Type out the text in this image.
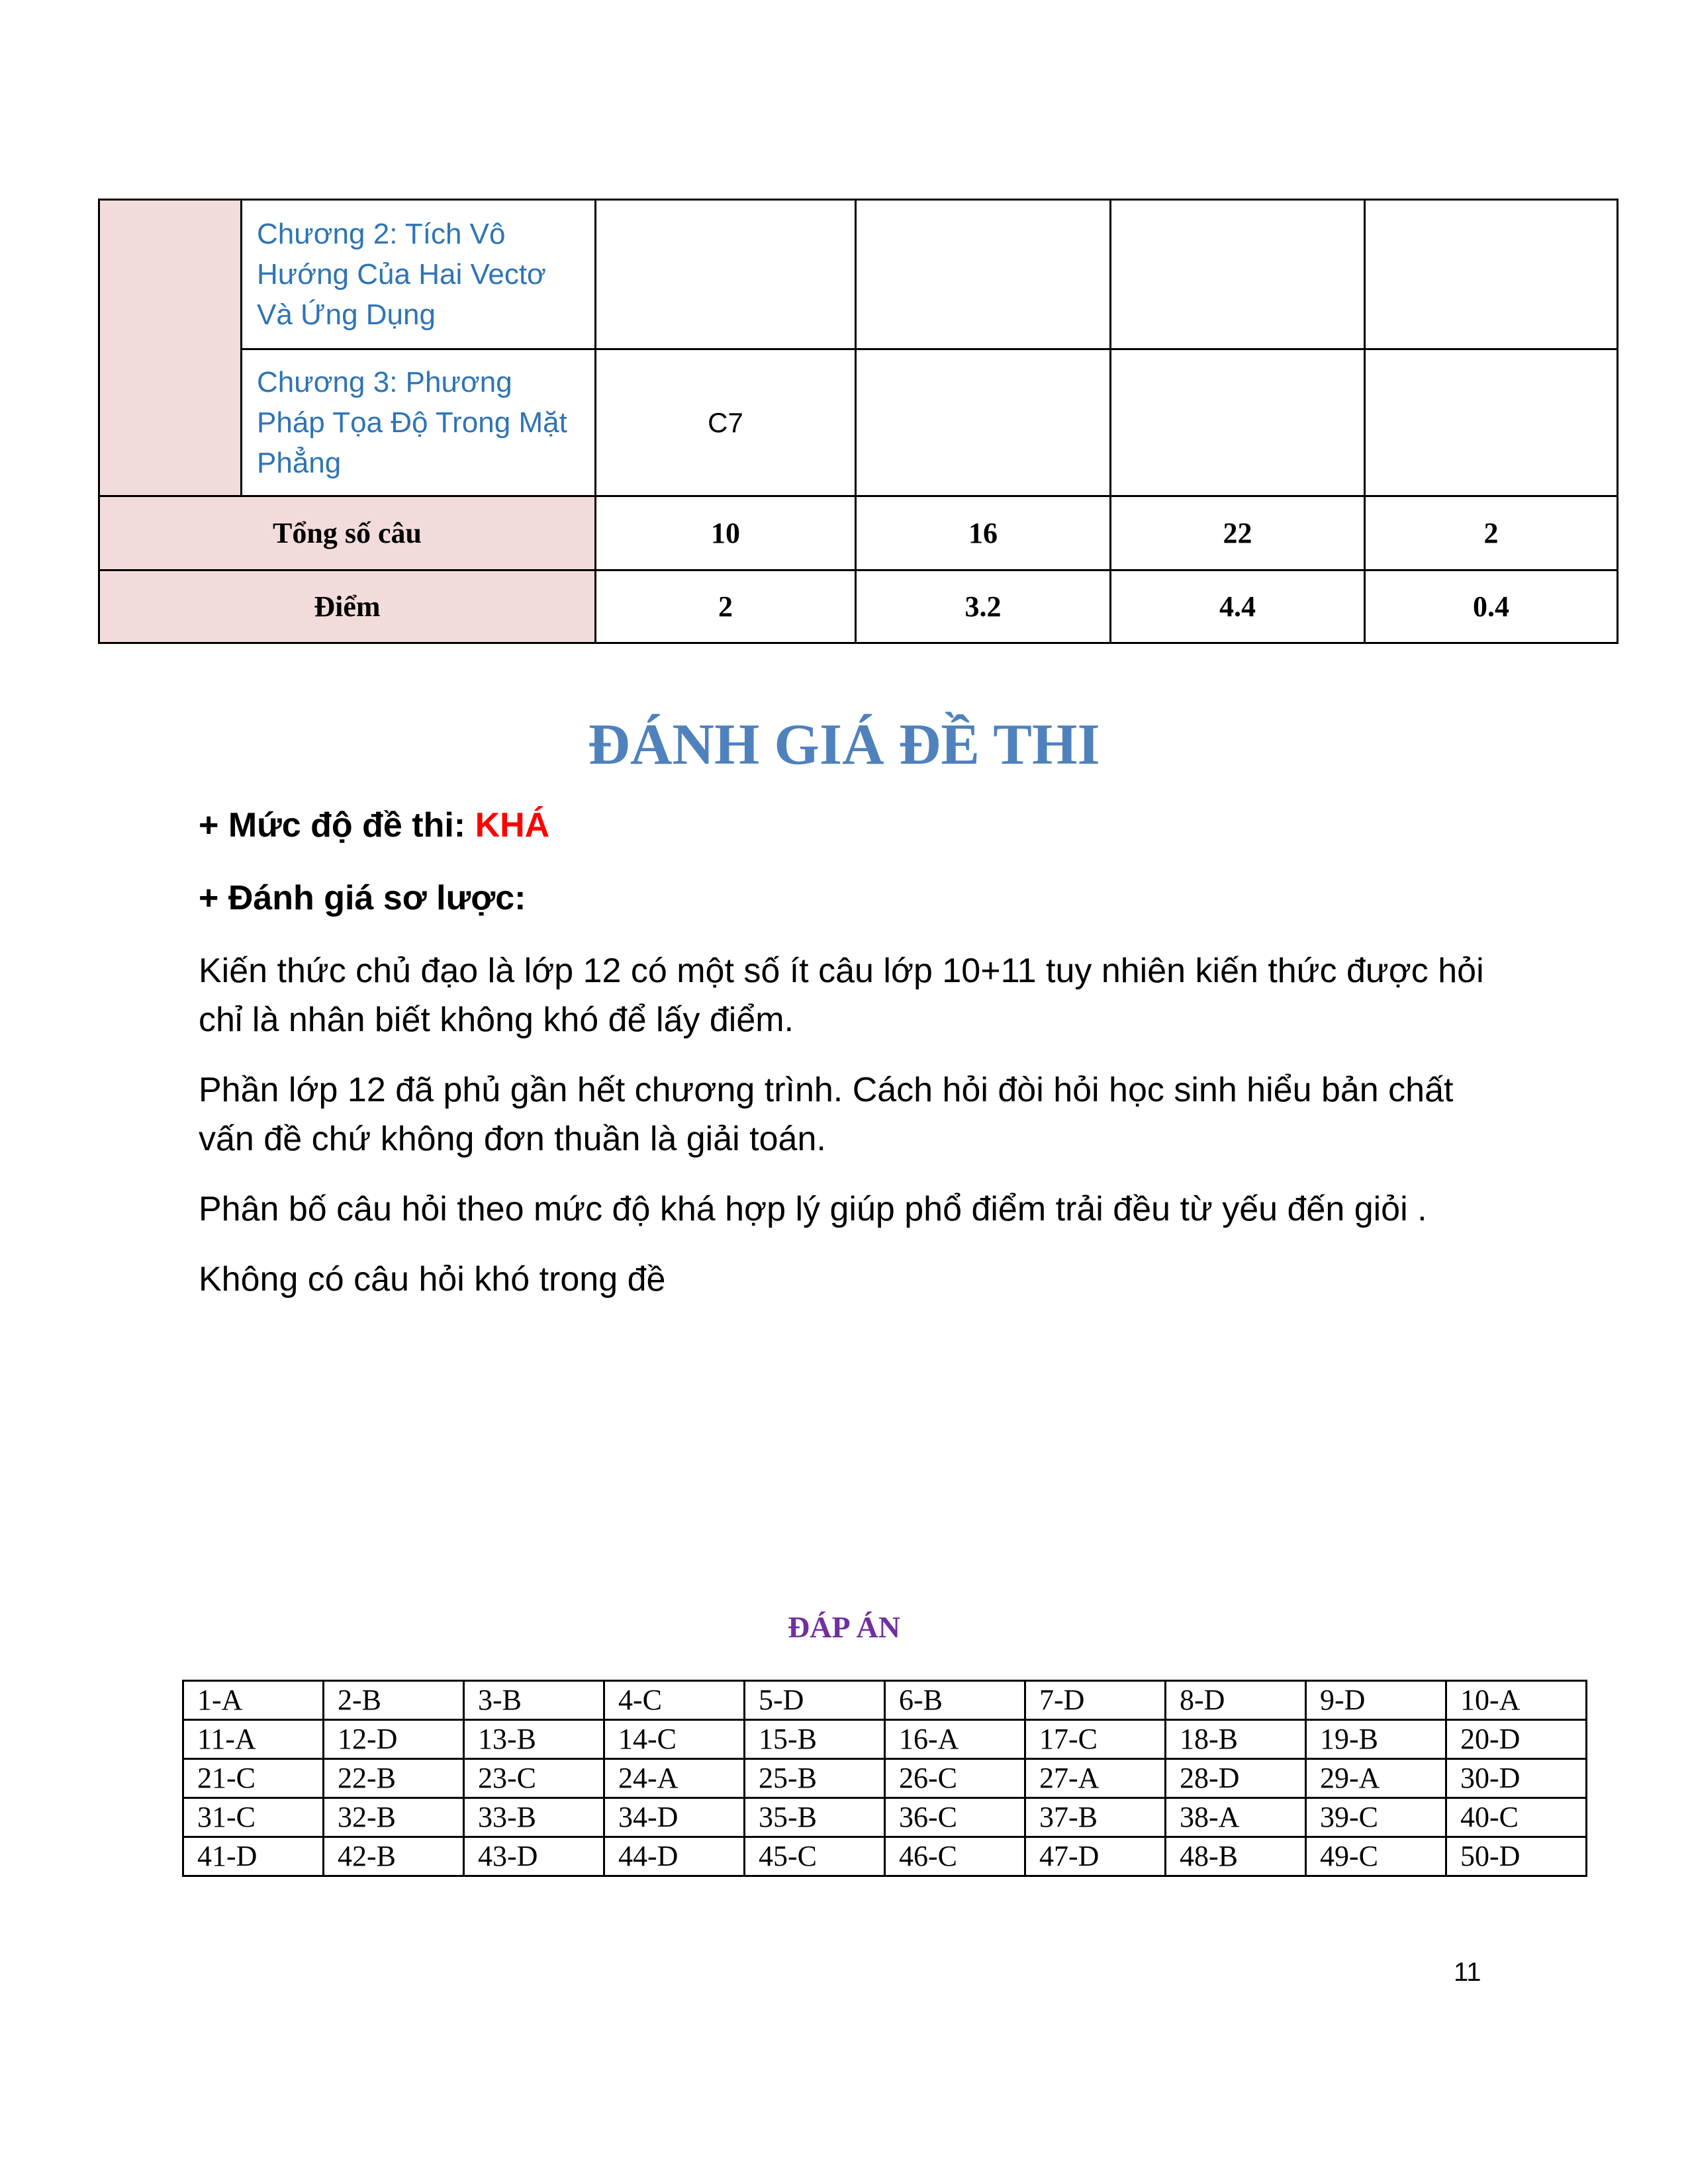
	Chương 2: Tích Vô Hướng Của Hai Vectơ Và Ứng Dụng				
	Chương 3: Phương Pháp Tọa Độ Trong Mặt Phẳng	C7			
Tổng số câu		10	16	22	2
Điểm		2	3.2	4.4	0.4
ĐÁNH GIÁ ĐỀ THI

+ Mức độ đề thi: KHÁ

+ Đánh giá sơ lược:

Kiến thức chủ đạo là lớp 12 có một số ít câu lớp 10+11 tuy nhiên kiến thức được hỏi chỉ là nhân biết không khó để lấy điểm.

Phần lớp 12 đã phủ gần hết chương trình. Cách hỏi đòi hỏi học sinh hiểu bản chất vấn đề chứ không đơn thuần là giải toán.

Phân bố câu hỏi theo mức độ khá hợp lý giúp phổ điểm trải đều từ yếu đến giỏi .

Không có câu hỏi khó trong đề

ĐÁP ÁN
1-A	2-B	3-B	4-C	5-D	6-B	7-D	8-D	9-D	10-A
11-A	12-D	13-B	14-C	15-B	16-A	17-C	18-B	19-B	20-D
21-C	22-B	23-C	24-A	25-B	26-C	27-A	28-D	29-A	30-D
31-C	32-B	33-B	34-D	35-B	36-C	37-B	38-A	39-C	40-C
41-D	42-B	43-D	44-D	45-C	46-C	47-D	48-B	49-C	50-D
11
